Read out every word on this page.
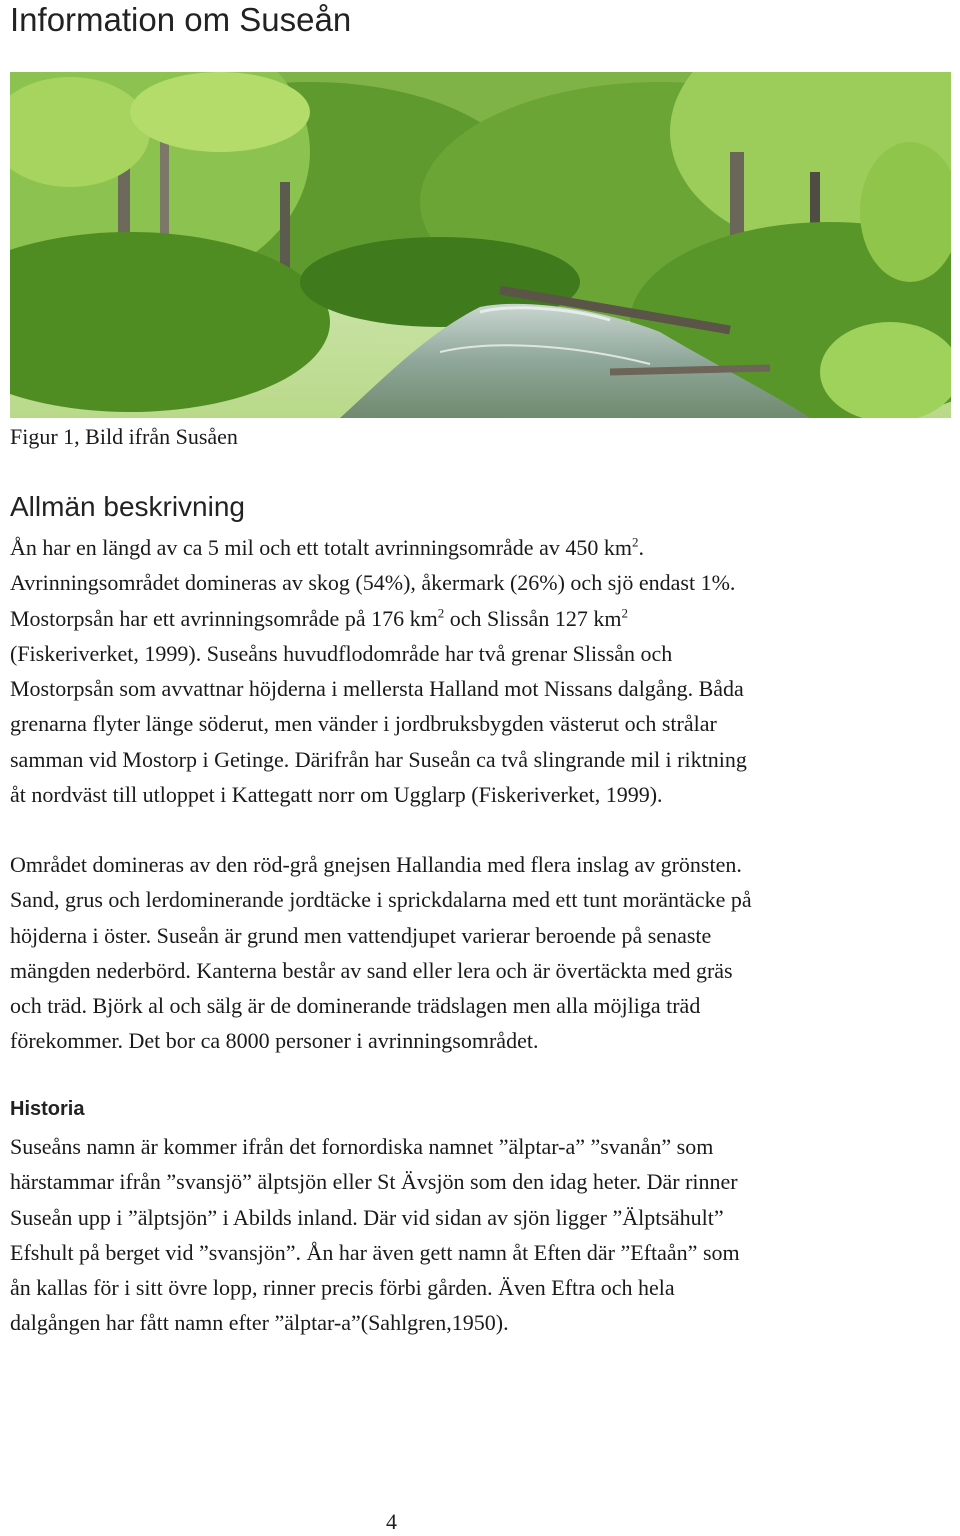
Information om Suseån
Figur 1, Bild ifrån Susåen
Allmän beskrivning
Ån har en längd av ca 5 mil och ett totalt avrinningsområde av 450 $km^2$.
Avrinningsområdet domineras av skog (54%), åkermark (26%) och sjö endast 1%.
Mostorpsån har ett avrinningsområde på 176 $km^2$ och Slissån 127 $km^2$
(Fiskeriverket, 1999). Suseåns huvudflodområde har två grenar Slissån och
Mostorpsån som avvattnar höjderna i mellersta Halland mot Nissans dalgång. Båda
grenarna flyter länge söderut, men vänder i jordbruksbygden västerut och strålar
samman vid Mostorp i Getinge. Därifrån har Suseån ca två slingrande mil i riktning
åt nordväst till utloppet i Kattegatt norr om Ugglarp (Fiskeriverket, 1999).
Området domineras av den röd-grå gnejsen Hallandia med flera inslag av grönsten.
Sand, grus och lerdominerande jordtäcke i sprickdalarna med ett tunt moräntäcke på
höjderna i öster. Suseån är grund men vattendjupet varierar beroende på senaste
mängden nederbörd. Kanterna består av sand eller lera och är övertäckta med gräs
och träd. Björk al och sälg är de dominerande trädslagen men alla möjliga träd
förekommer. Det bor ca 8000 personer i avrinningsområdet.
Historia
Suseåns namn är kommer ifrån det fornordiska namnet ”älptar-a” ”svanån” som
härstammar ifrån ”svansjö” älptsjön eller St Ävsjön som den idag heter. Där rinner
Suseån upp i ”älptsjön” i Abilds inland. Där vid sidan av sjön ligger ”Älptsähult”
Efshult på berget vid ”svansjön”. Ån har även gett namn åt Eften där ”Eftaån” som
ån kallas för i sitt övre lopp, rinner precis förbi gården. Även Eftra och hela
dalgången har fått namn efter ”älptar-a”(Sahlgren,1950).
4
